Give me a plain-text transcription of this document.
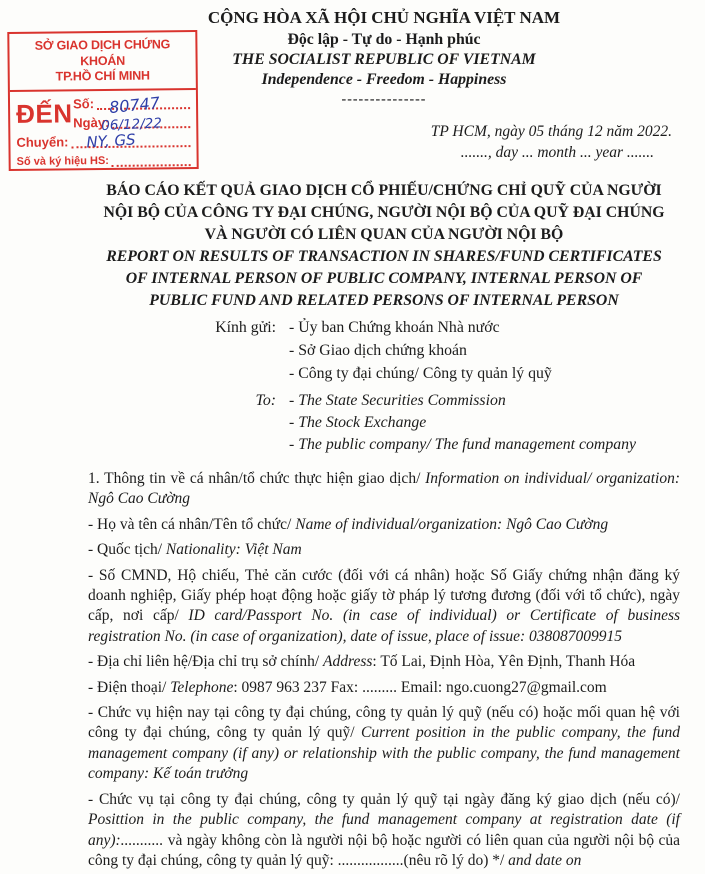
SỞ GIAO DỊCH CHỨNG KHOÁN
TP.HỒ CHÍ MINH
ĐẾN Số: 80747
Ngày:
06/12/22
Chuyển: NY, GS
Số và ký hiệu HS:
CỘNG HÒA XÃ HỘI CHỦ NGHĨA VIỆT NAM
Độc lập - Tự do - Hạnh phúc
THE SOCIALIST REPUBLIC OF VIETNAM
Independence - Freedom - Happiness
---------------
TP HCM, ngày 05 tháng 12 năm 2022.
......., day ... month ... year .......
BÁO CÁO KẾT QUẢ GIAO DỊCH CỔ PHIẾU/CHỨNG CHỈ QUỸ CỦA NGƯỜI NỘI BỘ CỦA CÔNG TY ĐẠI CHÚNG, NGƯỜI NỘI BỘ CỦA QUỸ ĐẠI CHÚNG VÀ NGƯỜI CÓ LIÊN QUAN CỦA NGƯỜI NỘI BỘ
REPORT ON RESULTS OF TRANSACTION IN SHARES/FUND CERTIFICATES OF INTERNAL PERSON OF PUBLIC COMPANY, INTERNAL PERSON OF PUBLIC FUND AND RELATED PERSONS OF INTERNAL PERSON
Kính gửi: - Ủy ban Chứng khoán Nhà nước
- Sở Giao dịch chứng khoán
- Công ty đại chúng/ Công ty quản lý quỹ
To: - The State Securities Commission
- The Stock Exchange
- The public company/ The fund management company

1. Thông tin về cá nhân/tổ chức thực hiện giao dịch/ Information on individual/ organization: Ngô Cao Cường

- Họ và tên cá nhân/Tên tổ chức/ Name of individual/organization: Ngô Cao Cường

- Quốc tịch/ Nationality: Việt Nam

- Số CMND, Hộ chiếu, Thẻ căn cước (đối với cá nhân) hoặc Số Giấy chứng nhận đăng ký doanh nghiệp, Giấy phép hoạt động hoặc giấy tờ pháp lý tương đương (đối với tổ chức), ngày cấp, nơi cấp/ ID card/Passport No. (in case of individual) or Certificate of business registration No. (in case of organization), date of issue, place of issue: 038087009915

- Địa chỉ liên hệ/Địa chỉ trụ sở chính/ Address: Tố Lai, Định Hòa, Yên Định, Thanh Hóa

- Điện thoại/ Telephone: 0987 963 237 Fax: ......... Email: ngo.cuong27@gmail.com

- Chức vụ hiện nay tại công ty đại chúng, công ty quản lý quỹ (nếu có) hoặc mối quan hệ với công ty đại chúng, công ty quản lý quỹ/ Current position in the public company, the fund management company (if any) or relationship with the public company, the fund management company: Kế toán trưởng

- Chức vụ tại công ty đại chúng, công ty quản lý quỹ tại ngày đăng ký giao dịch (nếu có)/ Posittion in the public company, the fund management company at registration date (if any):........... và ngày không còn là người nội bộ hoặc người có liên quan của người nội bộ của công ty đại chúng, công ty quản lý quỹ: .................(nêu rõ lý do) */ and date on
